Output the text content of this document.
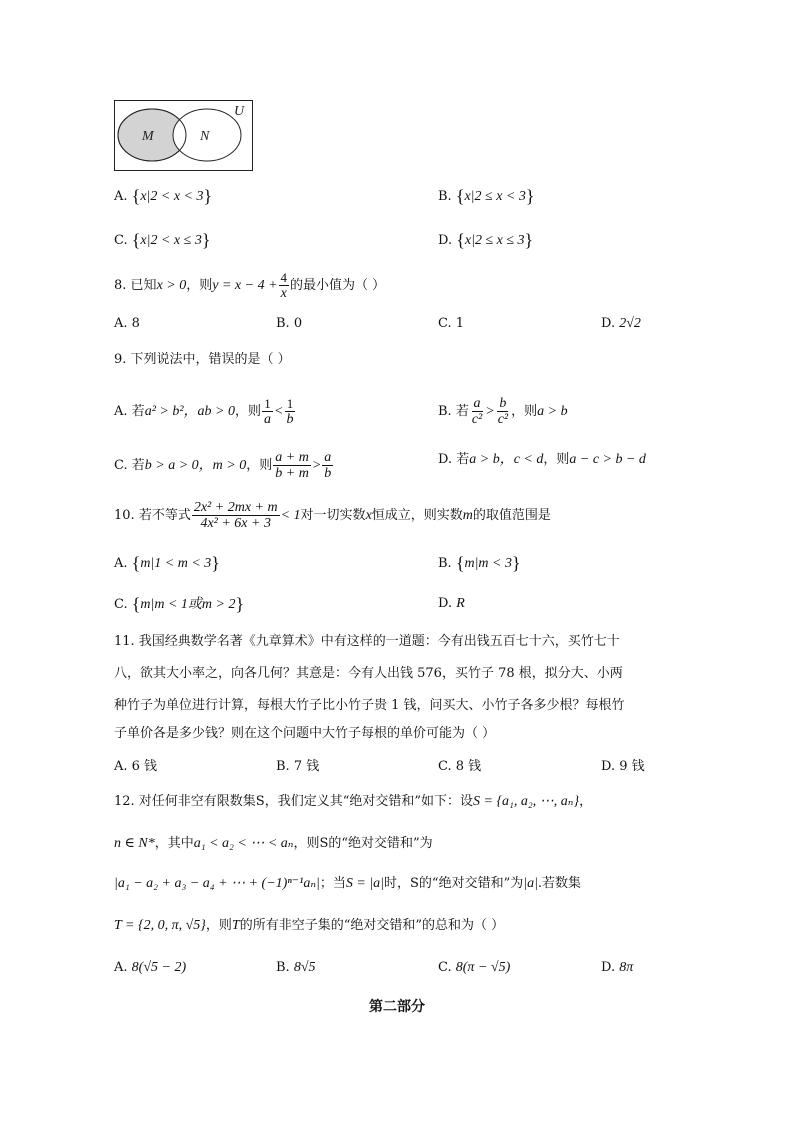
M	N
U
A. {x|2 < x < 3}	B. {x|2 ≤ x < 3}
C. {x|2 < x ≤ 3}	D. {x|2 ≤ x ≤ 3}
8. 已知x > 0，则$y = x - 4 + \frac{4}{x}$ 的最小值为（ ）
A. 8	B. 0	C. 1	D. 2√2
9. 下列说法中，错误的是（ ）
A. 若a² > b²，ab > 0，则 $\frac{1}{a} < \frac{1}{b}$	B. 若 $\frac{a}{\text{c²}} > \frac{b}{\text{c²}}$ ，则a > b
C. 若b > a > 0，m > 0，则 $\frac{a + m}{b + m} > \frac{a}{b}$	D. 若a > b，c < d，则a − c > b − d
10. 若不等式 $\frac{\text{2x² + 2mx + m}}{\text{4x² + 6x + 3}} < 1$对一切实数x恒成立，则实数m的取值范围是
A. {m|1 < m < 3}	B. {m|m < 3}
C. {m|m < 1或m > 2}	D. R
11. 我国经典数学名著《九章算术》中有这样的一道题：今有出钱五百七十六，买竹七十
八，欲其大小率之，向各几何？其意是：今有人出钱 576，买竹子 78 根，拟分大、小两
种竹子为单位进行计算，每根大竹子比小竹子贵 1 钱，问买大、小竹子各多少根？每根竹
子单价各是多少钱？则在这个问题中大竹子每根的单价可能为（ ）
A. 6 钱	B. 7 钱	C. 8 钱	D. 9 钱
12. 对任何非空有限数集S，我们定义其“绝对交错和”如下：设S = {a₁, a₂, ⋯, aₙ}，
n ∈ N*，其中a₁ < a₂ < ⋯ < aₙ，则S的“绝对交错和”为
|a₁ − a₂ + a₃ − a₄ + ⋯ + (−1)ⁿ⁻¹aₙ|；当S = |a|时，S的“绝对交错和”为|a|.若数集
T = {2, 0, π, √5}，则T的所有非空子集的“绝对交错和”的总和为（ ）
A. 8(√5 − 2)	B. 8√5	C. 8(π − √5)	D. 8π
第二部分
